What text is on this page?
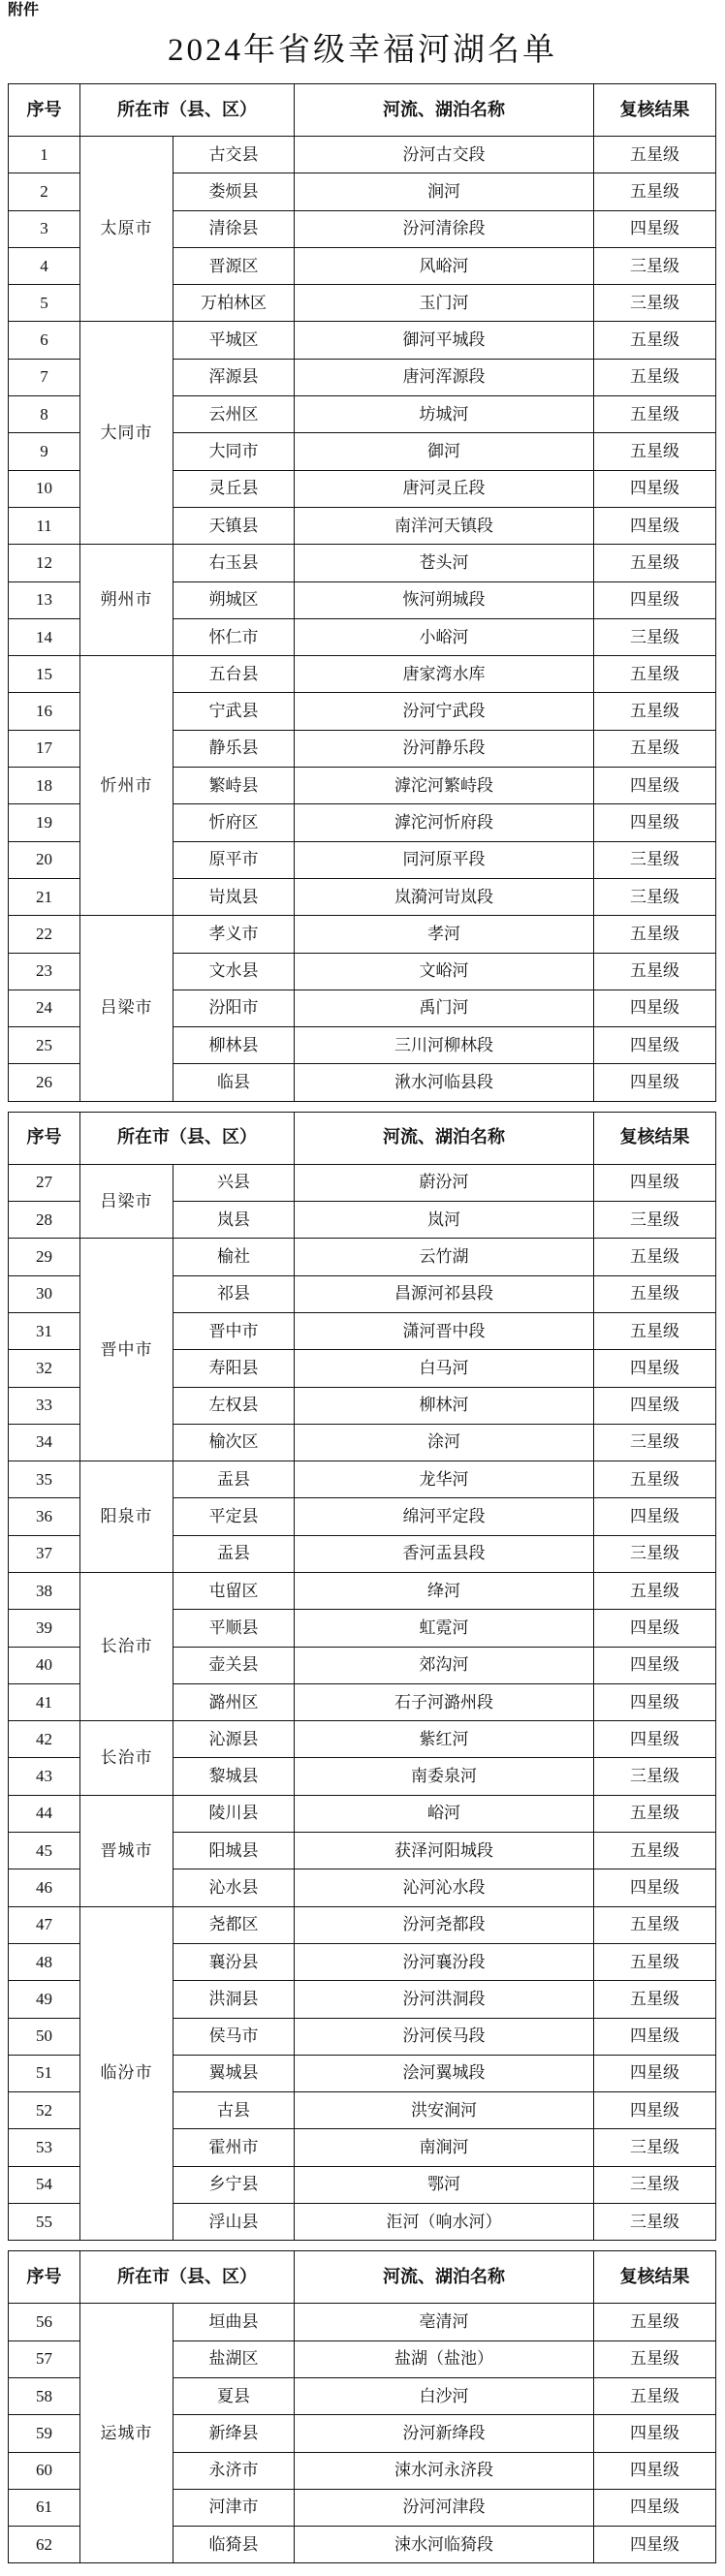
附件
2024年省级幸福河湖名单
序号	所在市（县、区）		河流、湖泊名称	复核结果
1	太原市	古交县	汾河古交段	五星级
2		娄烦县	涧河	五星级
3		清徐县	汾河清徐段	四星级
4		晋源区	风峪河	三星级
5		万柏林区	玉门河	三星级
6	大同市	平城区	御河平城段	五星级
7		浑源县	唐河浑源段	五星级
8		云州区	坊城河	五星级
9		大同市	御河	五星级
10		灵丘县	唐河灵丘段	四星级
11		天镇县	南洋河天镇段	四星级
12	朔州市	右玉县	苍头河	五星级
13		朔城区	恢河朔城段	四星级
14		怀仁市	小峪河	三星级
15	忻州市	五台县	唐家湾水库	五星级
16		宁武县	汾河宁武段	五星级
17		静乐县	汾河静乐段	五星级
18		繁峙县	滹沱河繁峙段	四星级
19		忻府区	滹沱河忻府段	四星级
20		原平市	同河原平段	三星级
21		岢岚县	岚漪河岢岚段	三星级
22	吕梁市	孝义市	孝河	五星级
23		文水县	文峪河	五星级
24		汾阳市	禹门河	四星级
25		柳林县	三川河柳林段	四星级
26		临县	湫水河临县段	四星级
序号	所在市（县、区）		河流、湖泊名称	复核结果
27	吕梁市	兴县	蔚汾河	四星级
28		岚县	岚河	三星级
29	晋中市	榆社	云竹湖	五星级
30		祁县	昌源河祁县段	五星级
31		晋中市	潇河晋中段	五星级
32		寿阳县	白马河	四星级
33		左权县	柳林河	四星级
34		榆次区	涂河	三星级
35	阳泉市	盂县	龙华河	五星级
36		平定县	绵河平定段	四星级
37		盂县	香河盂县段	三星级
38	长治市	屯留区	绛河	五星级
39		平顺县	虹霓河	四星级
40		壶关县	郊沟河	四星级
41		潞州区	石子河潞州段	四星级
42	长治市	沁源县	紫红河	四星级
43		黎城县	南委泉河	三星级
44	晋城市	陵川县	峪河	五星级
45		阳城县	获泽河阳城段	五星级
46		沁水县	沁河沁水段	四星级
47	临汾市	尧都区	汾河尧都段	五星级
48		襄汾县	汾河襄汾段	五星级
49		洪洞县	汾河洪洞段	五星级
50		侯马市	汾河侯马段	四星级
51		翼城县	浍河翼城段	四星级
52		古县	洪安涧河	四星级
53		霍州市	南涧河	三星级
54		乡宁县	鄂河	三星级
55		浮山县	洰河（响水河）	三星级
序号	所在市（县、区）		河流、湖泊名称	复核结果
56	运城市	垣曲县	亳清河	五星级
57		盐湖区	盐湖（盐池）	五星级
58		夏县	白沙河	五星级
59		新绛县	汾河新绛段	四星级
60		永济市	涑水河永济段	四星级
61		河津市	汾河河津段	四星级
62		临猗县	涑水河临猗段	四星级
